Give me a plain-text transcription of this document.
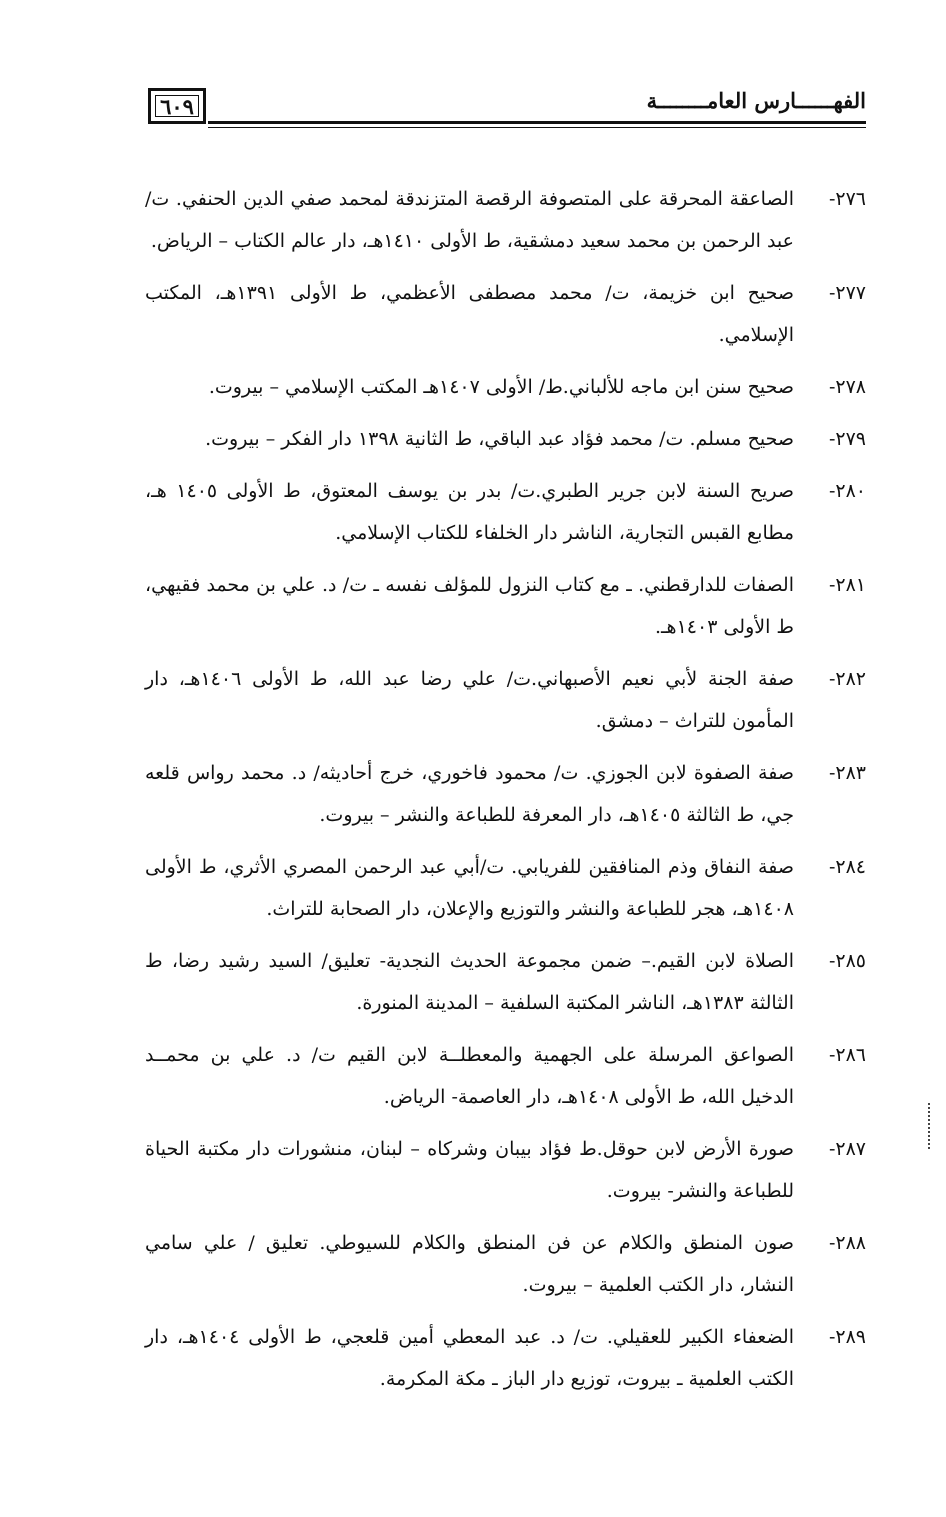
٦٠٩	الفهــــــارس العامــــــــة
٢٧٦-
الصاعقة المحرقة على المتصوفة الرقصة المتزندقة لمحمد صفي الدين الحنفي. ت/ عبد الرحمن بن محمد سعيد دمشقية، ط الأولى ١٤١٠هـ، دار عالم الكتاب – الرياض.
٢٧٧-
صحيح ابن خزيمة، ت/ محمد مصطفى الأعظمي، ط الأولى ١٣٩١هـ، المكتب الإسلامي.
٢٧٨-
صحيح سنن ابن ماجه للألباني.ط/ الأولى ١٤٠٧هـ المكتب الإسلامي – بيروت.
٢٧٩-
صحيح مسلم. ت/ محمد فؤاد عبد الباقي، ط الثانية ١٣٩٨ دار الفكر – بيروت.
٢٨٠-
صريح السنة لابن جرير الطبري.ت/ بدر بن يوسف المعتوق، ط الأولى ١٤٠٥ هـ، مطابع القبس التجارية، الناشر دار الخلفاء للكتاب الإسلامي.
٢٨١-
الصفات للدارقطني. ـ مع كتاب النزول للمؤلف نفسه ـ ت/ د. علي بن محمد فقيهي، ط الأولى ١٤٠٣هـ.
٢٨٢-
صفة الجنة لأبي نعيم الأصبهاني.ت/ علي رضا عبد الله، ط الأولى ١٤٠٦هـ، دار المأمون للتراث – دمشق.
٢٨٣-
صفة الصفوة لابن الجوزي. ت/ محمود فاخوري، خرج أحاديثه/ د. محمد رواس قلعه جي، ط الثالثة ١٤٠٥هـ، دار المعرفة للطباعة والنشر – بيروت.
٢٨٤-
صفة النفاق وذم المنافقين للفريابي. ت/أبي عبد الرحمن المصري الأثري، ط الأولى ١٤٠٨هـ، هجر للطباعة والنشر والتوزيع والإعلان، دار الصحابة للتراث.
٢٨٥-
الصلاة لابن القيم.– ضمن مجموعة الحديث النجدية- تعليق/ السيد رشيد رضا، ط الثالثة ١٣٨٣هـ، الناشر المكتبة السلفية – المدينة المنورة.
٢٨٦-
الصواعق المرسلة على الجهمية والمعطلــة لابن القيم ت/ د. علي بن محمــد الدخيل الله، ط الأولى ١٤٠٨هـ، دار العاصمة- الرياض.
٢٨٧-
صورة الأرض لابن حوقل.ط فؤاد بيبان وشركاه – لبنان، منشورات دار مكتبة الحياة للطباعة والنشر- بيروت.
٢٨٨-
صون المنطق والكلام عن فن المنطق والكلام للسيوطي. تعليق / علي سامي النشار، دار الكتب العلمية – بيروت.
٢٨٩-
الضعفاء الكبير للعقيلي. ت/ د. عبد المعطي أمين قلعجي، ط الأولى ١٤٠٤هـ، دار الكتب العلمية ـ بيروت، توزيع دار الباز ـ مكة المكرمة.
